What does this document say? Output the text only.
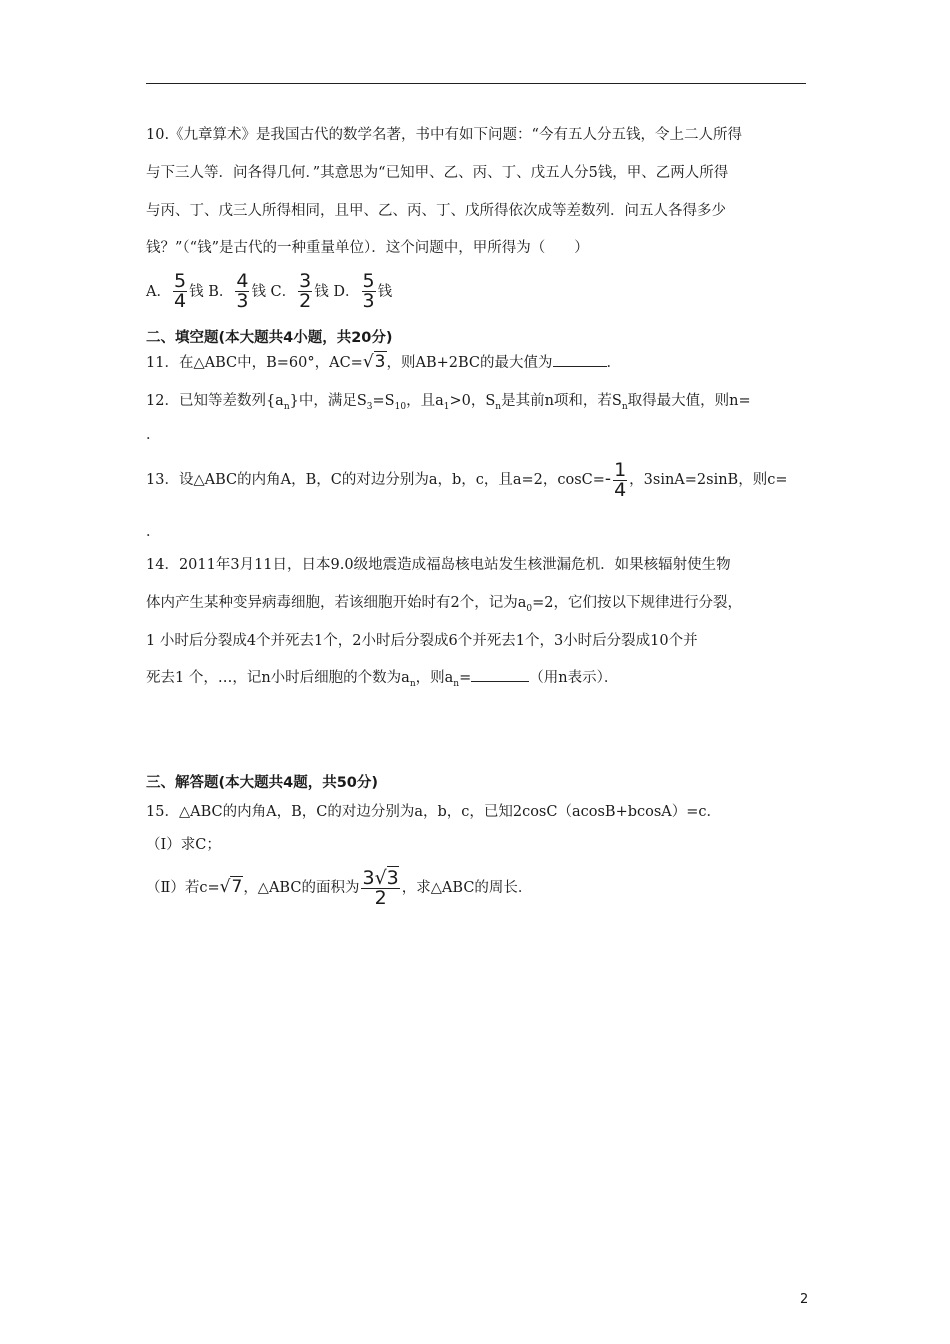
10.《九章算术》是我国古代的数学名著，书中有如下问题：“今有五人分五钱，令上二人所得
与下三人等．问各得几何．”其意思为“已知甲、乙、丙、丁、戊五人分5钱，甲、乙两人所得
与丙、丁、戊三人所得相同，且甲、乙、丙、丁、戊所得依次成等差数列．问五人各得多少
钱？”（“钱”是古代的一种重量单位）．这个问题中，甲所得为（　　）
A． $\frac{5}{4}$ 钱 B． $\frac{4}{3}$ 钱 C． $\frac{3}{2}$ 钱 D． $\frac{5}{3}$ 钱
二、填空题(本大题共4小题，共20分)
11．在△ABC中，B=60°，AC=√3，则AB+2BC的最大值为	．
12．已知等差数列$\{a_n\}$中，满足$S_3=S_{10}$，且$a_1>0$，$S_n$是其前n项和，若$S_n$取得最大值，则n=
．
13．设△ABC的内角A，B，C的对边分别为a，b，c，且a=2，$\cos C=- \frac{1}{4}$ ，3sinA=2sinB，则c=
．
14．2011年3月11日，日本9.0级地震造成福岛核电站发生核泄漏危机．如果核辐射使生物
体内产生某种变异病毒细胞，若该细胞开始时有2个，记为$a_0=2$，它们按以下规律进行分裂，
1 小时后分裂成4个并死去1个，2小时后分裂成6个并死去1个，3小时后分裂成10个并
死去1 个，…，记n小时后细胞的个数为$a_n$，则$a_n=$	（用n表示）．
三、解答题(本大题共4题，共50分)
15．△ABC的内角A，B，C的对边分别为a，b，c，已知2cosC（acosB+bcosA）=c．
（Ⅰ）求C；
（Ⅱ）若c=√7，△ABC的面积为 $\frac{3√3}{2}$ ，求△ABC的周长．
2
